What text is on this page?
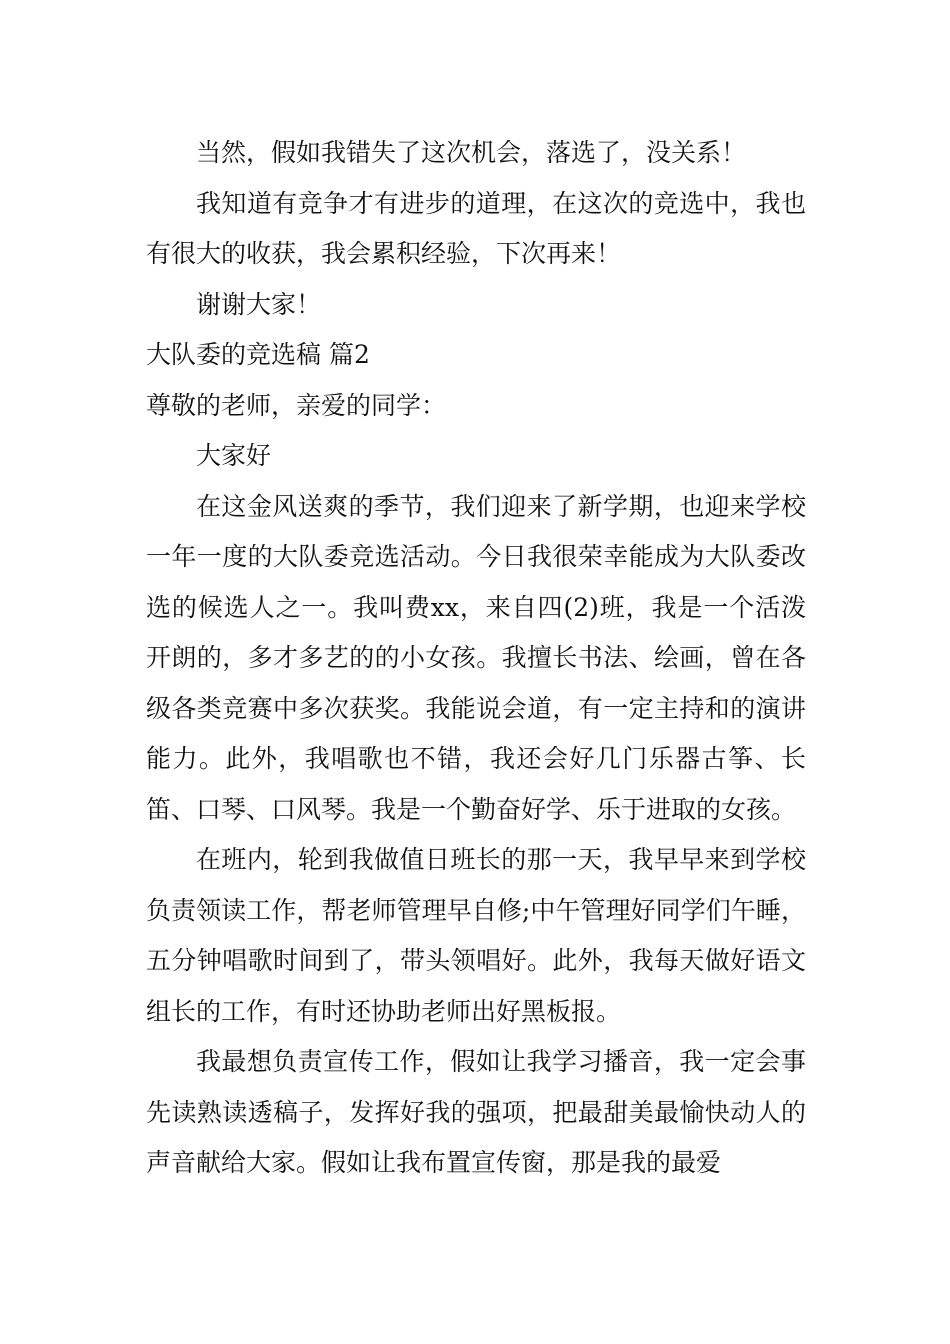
当然，假如我错失了这次机会，落选了，没关系！

我知道有竞争才有进步的道理，在这次的竞选中，我也有很大的收获，我会累积经验，下次再来！

谢谢大家！

大队委的竞选稿 篇2

尊敬的老师，亲爱的同学：

大家好

在这金风送爽的季节，我们迎来了新学期，也迎来学校一年一度的大队委竞选活动。今日我很荣幸能成为大队委改选的候选人之一。我叫费xx，来自四(2)班，我是一个活泼开朗的，多才多艺的的小女孩。我擅长书法、绘画，曾在各级各类竞赛中多次获奖。我能说会道，有一定主持和的演讲能力。此外，我唱歌也不错，我还会好几门乐器古筝、长笛、口琴、口风琴。我是一个勤奋好学、乐于进取的女孩。

在班内，轮到我做值日班长的那一天，我早早来到学校负责领读工作，帮老师管理早自修;中午管理好同学们午睡，五分钟唱歌时间到了，带头领唱好。此外，我每天做好语文组长的工作，有时还协助老师出好黑板报。

我最想负责宣传工作，假如让我学习播音，我一定会事先读熟读透稿子，发挥好我的强项，把最甜美最愉快动人的声音献给大家。假如让我布置宣传窗，那是我的最爱
